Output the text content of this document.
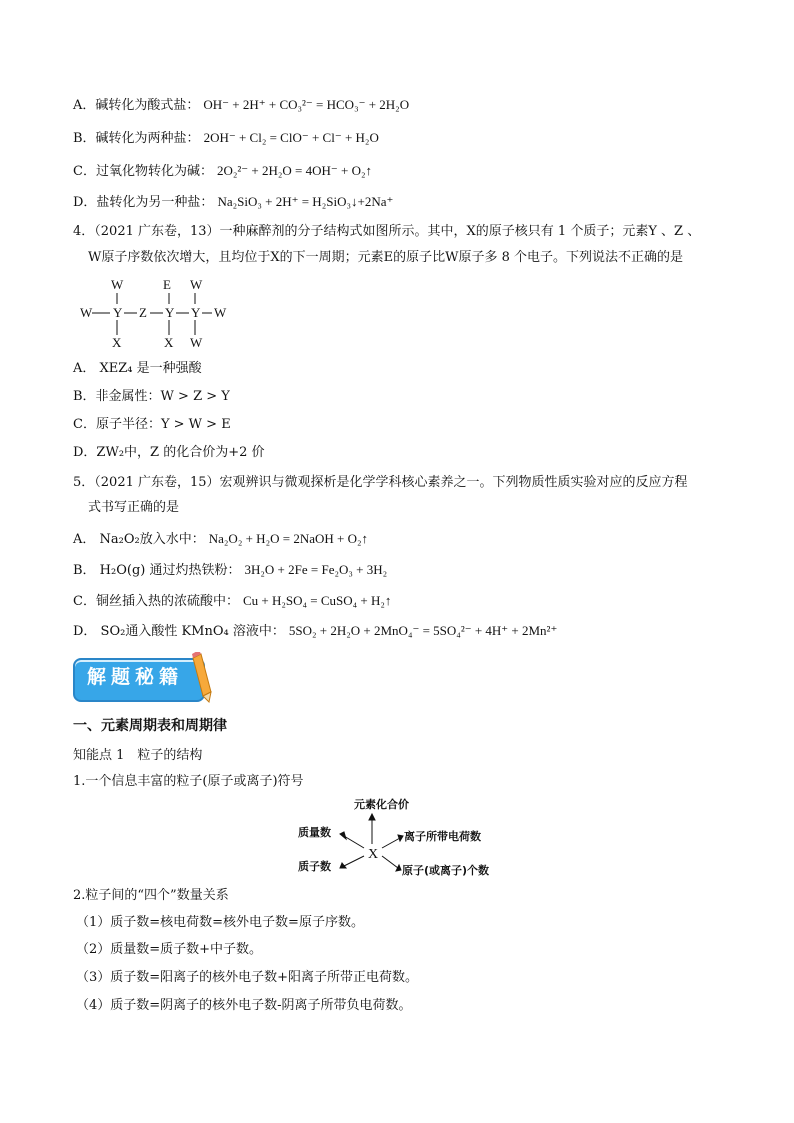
A．碱转化为酸式盐： OH⁻ + 2H⁺ + CO₃²⁻ = HCO₃⁻ + 2H₂O
B．碱转化为两种盐： 2OH⁻ + Cl₂ = ClO⁻ + Cl⁻ + H₂O
C．过氧化物转化为碱： 2O₂²⁻ + 2H₂O = 4OH⁻ + O₂↑
D．盐转化为另一种盐： Na₂SiO₃ + 2H⁺ = H₂SiO₃↓+2Na⁺
4．（2021 广东卷，13）一种麻醉剂的分子结构式如图所示。其中，X的原子核只有 1 个质子；元素Y 、Z 、
W原子序数依次增大，且均位于X的下一周期；元素E的原子比W原子多 8 个电子。下列说法不正确的是
W	E W
W Y Z Y Y W
X	X W
A． XEZ₄ 是一种强酸
B．非金属性：W > Z > Y
C．原子半径：Y > W > E
D．ZW₂中，Z 的化合价为+2 价
5．（2021 广东卷，15）宏观辨识与微观探析是化学学科核心素养之一。下列物质性质实验对应的反应方程
式书写正确的是
A． Na₂O₂放入水中： Na₂O₂ + H₂O = 2NaOH + O₂↑
B． H₂O(g) 通过灼热铁粉： 3H₂O + 2Fe = Fe₂O₃ + 3H₂
C．铜丝插入热的浓硫酸中： Cu + H₂SO₄ = CuSO₄ + H₂↑
D． SO₂通入酸性 KMnO₄ 溶液中： 5SO₂ + 2H₂O + 2MnO₄⁻ = 5SO₄²⁻ + 4H⁺ + 2Mn²⁺
解题秘籍
一、元素周期表和周期律
知能点 1　粒子的结构
1.一个信息丰富的粒子(原子或离子)符号
元素化合价
质量数
质子数
离子所带电荷数
原子(或离子)个数
X
2.粒子间的“四个”数量关系
（1）质子数=核电荷数=核外电子数=原子序数。
（2）质量数=质子数+中子数。
（3）质子数=阳离子的核外电子数+阳离子所带正电荷数。
（4）质子数=阴离子的核外电子数-阴离子所带负电荷数。
